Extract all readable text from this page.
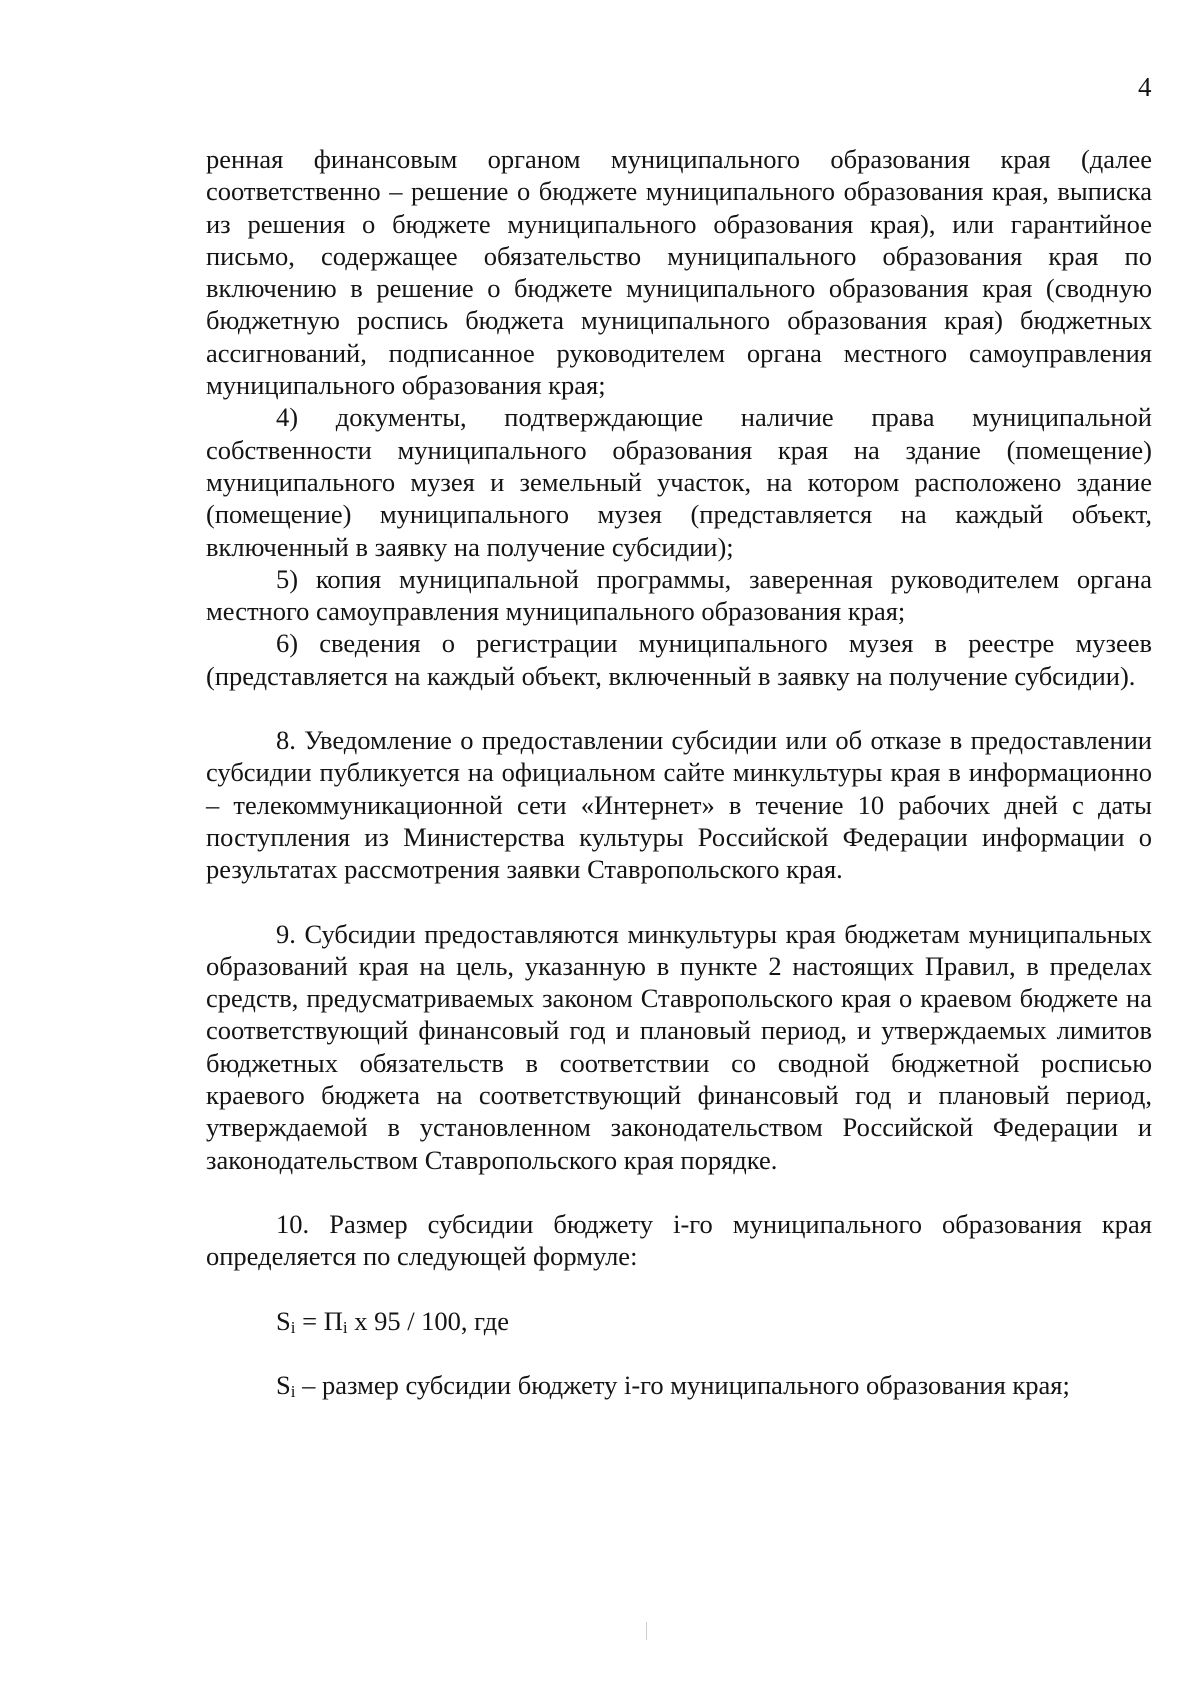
4

ренная финансовым органом муниципального образования края (далее соответственно – решение о бюджете муниципального образования края, выписка из решения о бюджете муниципального образования края), или гарантийное письмо, содержащее обязательство муниципального образования края по включению в решение о бюджете муниципального образования края (сводную бюджетную роспись бюджета муниципального образования края) бюджетных ассигнований, подписанное руководителем органа местного самоуправления муниципального образования края;

4) документы, подтверждающие наличие права муниципальной собственности муниципального образования края на здание (помещение) муниципального музея и земельный участок, на котором расположено здание (помещение) муниципального музея (представляется на каждый объект, включенный в заявку на получение субсидии);

5) копия муниципальной программы, заверенная руководителем органа местного самоуправления муниципального образования края;

6) сведения о регистрации муниципального музея в реестре музеев (представляется на каждый объект, включенный в заявку на получение субсидии).

8. Уведомление о предоставлении субсидии или об отказе в предоставлении субсидии публикуется на официальном сайте минкультуры края в информационно – телекоммуникационной сети «Интернет» в течение 10 рабочих дней с даты поступления из Министерства культуры Российской Федерации информации о результатах рассмотрения заявки Ставропольского края.

9. Субсидии предоставляются минкультуры края бюджетам муниципальных образований края на цель, указанную в пункте 2 настоящих Правил, в пределах средств, предусматриваемых законом Ставропольского края о краевом бюджете на соответствующий финансовый год и плановый период, и утверждаемых лимитов бюджетных обязательств в соответствии со сводной бюджетной росписью краевого бюджета на соответствующий финансовый год и плановый период, утверждаемой в установленном законодательством Российской Федерации и законодательством Ставропольского края порядке.

10. Размер субсидии бюджету i-го муниципального образования края определяется по следующей формуле:

$S_i = П_i$ х 95 / 100, где

$S_i$ – размер субсидии бюджету i-го муниципального образования края;
